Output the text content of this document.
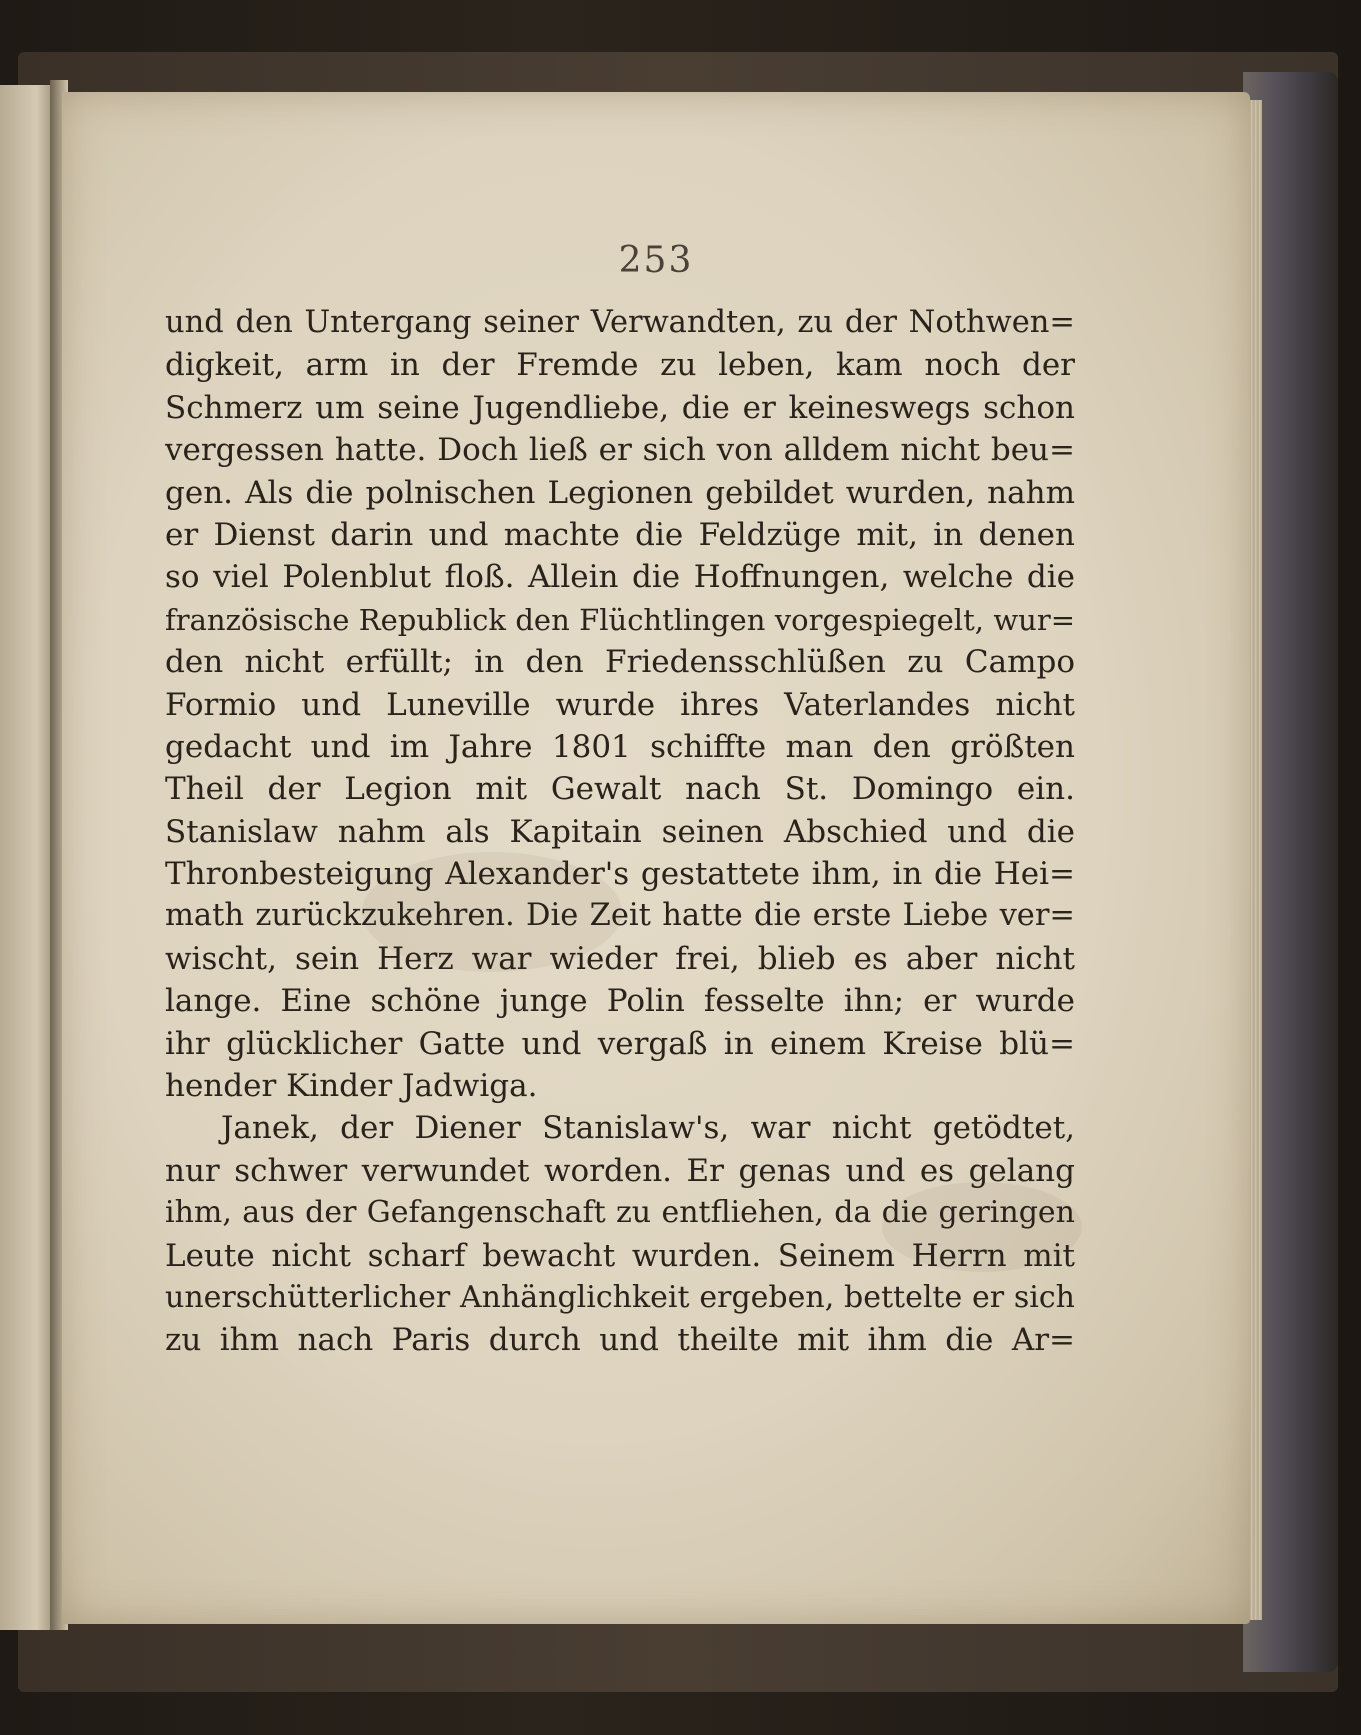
253
und den Untergang seiner Verwandten, zu der Nothwen=
digkeit, arm in der Fremde zu leben, kam noch der
Schmerz um seine Jugendliebe, die er keineswegs schon
vergessen hatte. Doch ließ er sich von alldem nicht beu=
gen. Als die polnischen Legionen gebildet wurden, nahm
er Dienst darin und machte die Feldzüge mit, in denen
so viel Polenblut floß. Allein die Hoffnungen, welche die
französische Republick den Flüchtlingen vorgespiegelt, wur=
den nicht erfüllt; in den Friedensschlüßen zu Campo
Formio und Luneville wurde ihres Vaterlandes nicht
gedacht und im Jahre 1801 schiffte man den größten
Theil der Legion mit Gewalt nach St. Domingo ein.
Stanislaw nahm als Kapitain seinen Abschied und die
Thronbesteigung Alexander's gestattete ihm, in die Hei=
math zurückzukehren. Die Zeit hatte die erste Liebe ver=
wischt, sein Herz war wieder frei, blieb es aber nicht
lange. Eine schöne junge Polin fesselte ihn; er wurde
ihr glücklicher Gatte und vergaß in einem Kreise blü=
hender Kinder Jadwiga.
Janek, der Diener Stanislaw's, war nicht getödtet,
nur schwer verwundet worden. Er genas und es gelang
ihm, aus der Gefangenschaft zu entfliehen, da die geringen
Leute nicht scharf bewacht wurden. Seinem Herrn mit
unerschütterlicher Anhänglichkeit ergeben, bettelte er sich
zu ihm nach Paris durch und theilte mit ihm die Ar=
